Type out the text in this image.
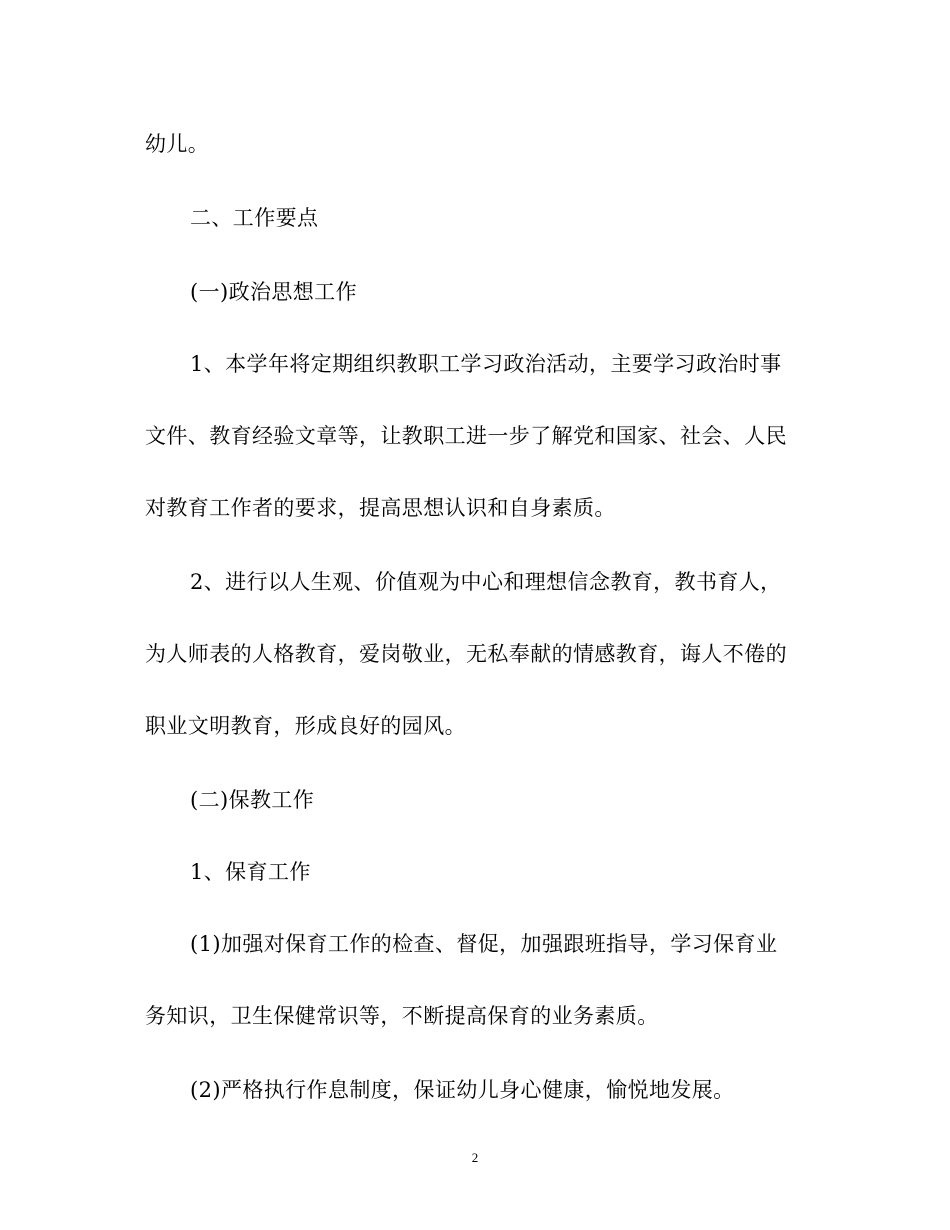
幼儿。
二、工作要点
(一)政治思想工作
1、本学年将定期组织教职工学习政治活动，主要学习政治时事
文件、教育经验文章等，让教职工进一步了解党和国家、社会、人民
对教育工作者的要求，提高思想认识和自身素质。
2、进行以人生观、价值观为中心和理想信念教育，教书育人，
为人师表的人格教育，爱岗敬业，无私奉献的情感教育，诲人不倦的
职业文明教育，形成良好的园风。
(二)保教工作
1、保育工作
(1)加强对保育工作的检查、督促，加强跟班指导，学习保育业
务知识，卫生保健常识等，不断提高保育的业务素质。
(2)严格执行作息制度，保证幼儿身心健康，愉悦地发展。
2
